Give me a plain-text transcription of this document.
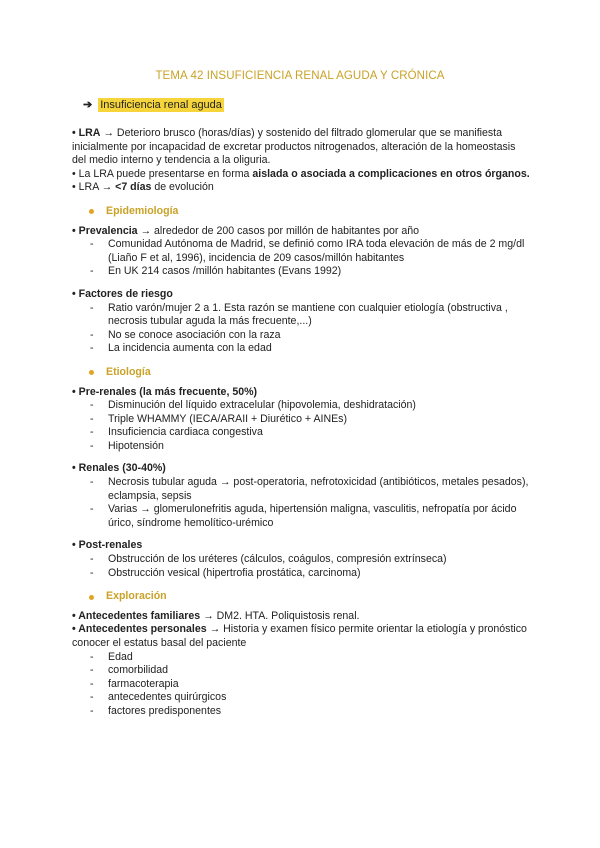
TEMA 42 INSUFICIENCIA RENAL AGUDA Y CRÓNICA
➔ Insuficiencia renal aguda

• LRA → Deterioro brusco (horas/días) y sostenido del filtrado glomerular que se manifiesta inicialmente por incapacidad de excretar productos nitrogenados, alteración de la homeostasis del medio interno y tendencia a la oliguria.

• La LRA puede presentarse en forma aislada o asociada a complicaciones en otros órganos.

• LRA → <7 días de evolución

Epidemiología

• Prevalencia → alrededor de 200 casos por millón de habitantes por año

- Comunidad Autónoma de Madrid, se definió como IRA toda elevación de más de 2 mg/dl (Liaño F et al, 1996), incidencia de 209 casos/millón habitantes
- En UK 214 casos /millón habitantes (Evans 1992)

• Factores de riesgo

- Ratio varón/mujer 2 a 1. Esta razón se mantiene con cualquier etiología (obstructiva , necrosis tubular aguda la más frecuente,...)
- No se conoce asociación con la raza
- La incidencia aumenta con la edad
Etiología

• Pre-renales (la más frecuente, 50%)

- Disminución del líquido extracelular (hipovolemia, deshidratación)
- Triple WHAMMY (IECA/ARAII + Diurético + AINEs)
- Insuficiencia cardiaca congestiva
- Hipotensión

• Renales (30-40%)

- Necrosis tubular aguda → post-operatoria, nefrotoxicidad (antibióticos, metales pesados), eclampsia, sepsis
- Varias → glomerulonefritis aguda, hipertensión maligna, vasculitis, nefropatía por ácido úrico, síndrome hemolítico-urémico

• Post-renales

- Obstrucción de los uréteres (cálculos, coágulos, compresión extrínseca)
- Obstrucción vesical (hipertrofia prostática, carcinoma)
Exploración

• Antecedentes familiares → DM2. HTA. Poliquistosis renal.

• Antecedentes personales → Historia y examen físico permite orientar la etiología y pronóstico conocer el estatus basal del paciente

- Edad
- comorbilidad
- farmacoterapia
- antecedentes quirúrgicos
- factores predisponentes
